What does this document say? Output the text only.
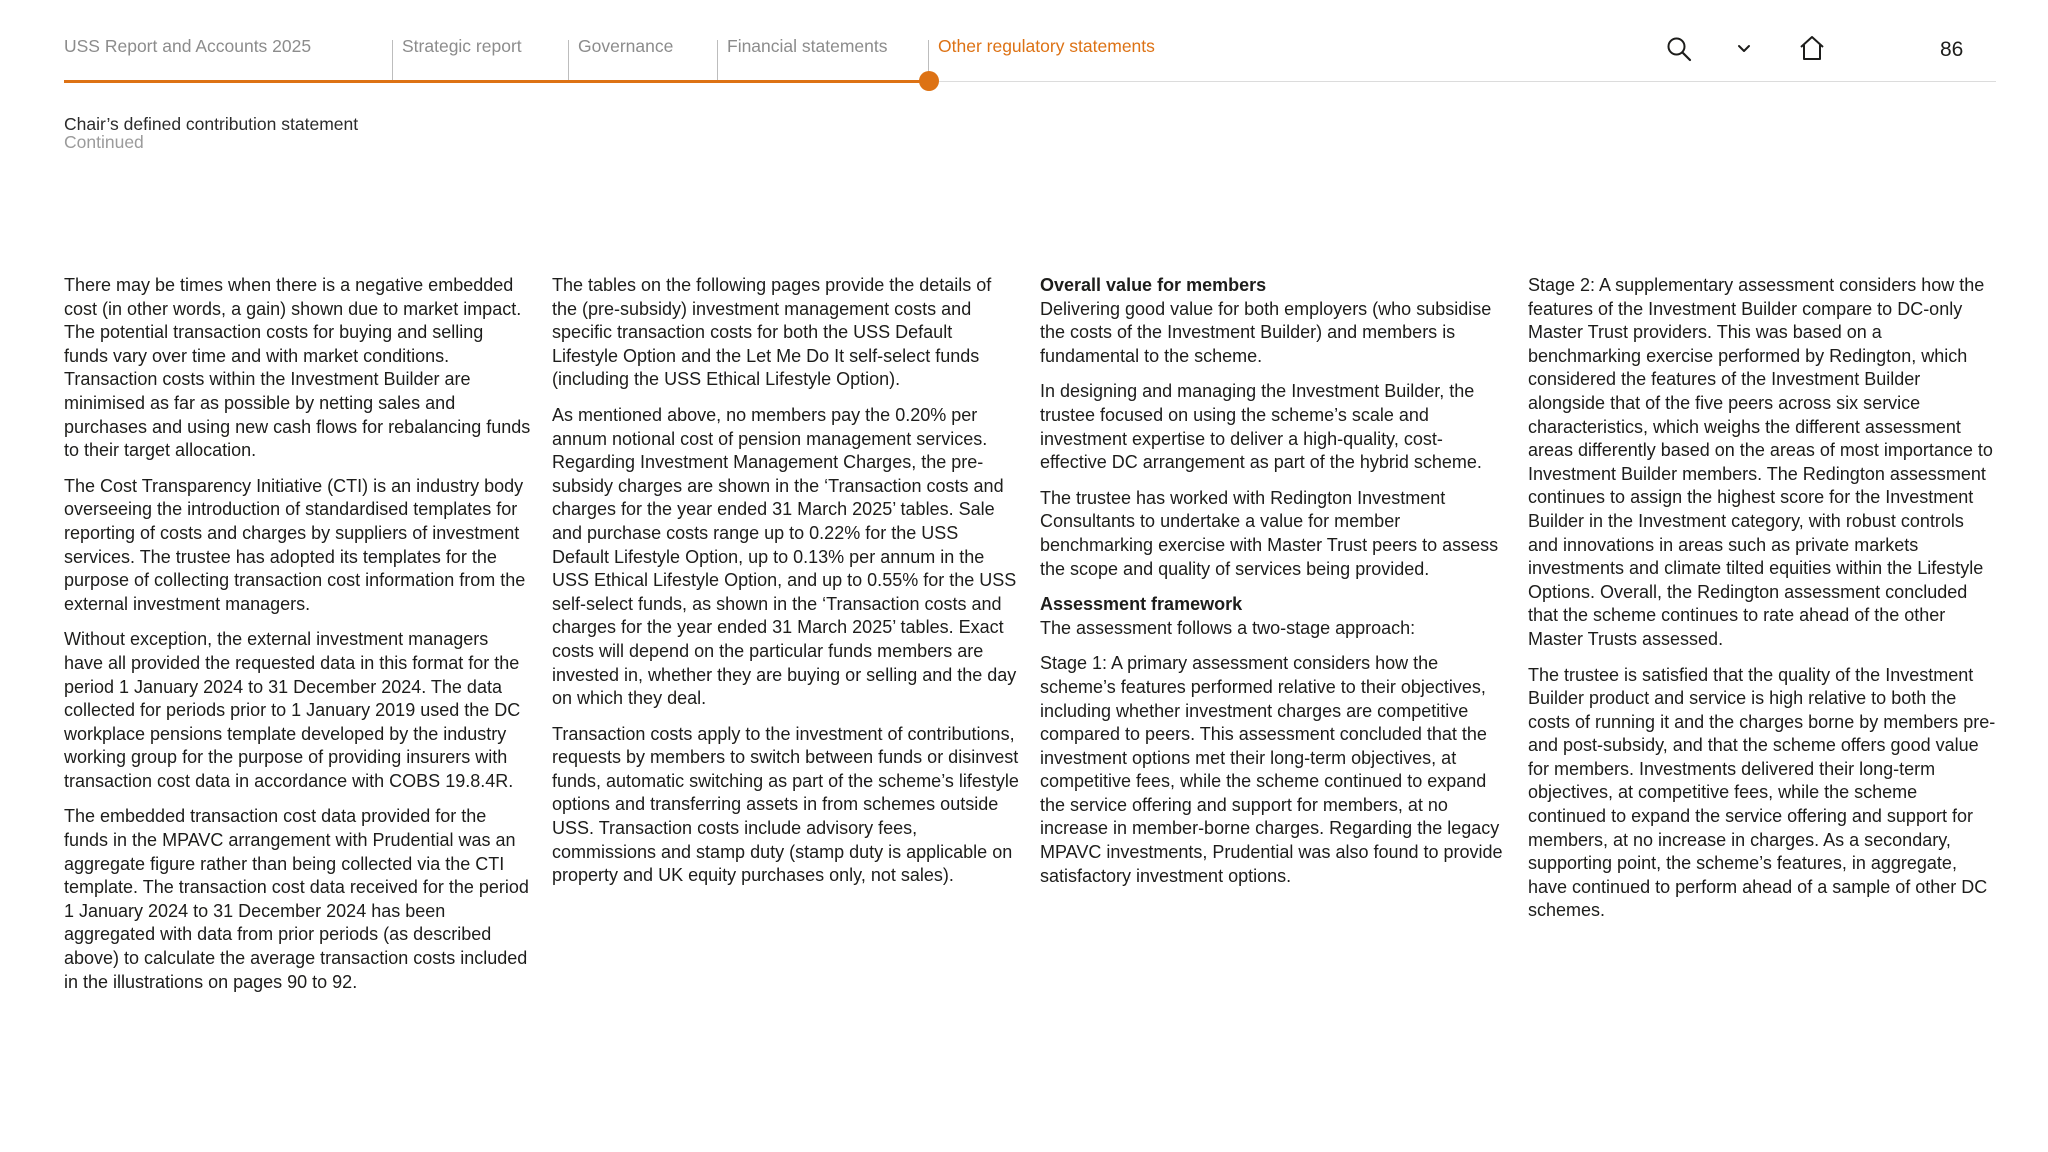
USS Report and Accounts 2025	Strategic report	Governance	Financial statements	Other regulatory statements	86
Chair’s defined contribution statement
Continued

There may be times when there is a negative embedded cost (in other words, a gain) shown due to market impact. The potential transaction costs for buying and selling funds vary over time and with market conditions. Transaction costs within the Investment Builder are minimised as far as possible by netting sales and purchases and using new cash flows for rebalancing funds to their target allocation.

The Cost Transparency Initiative (CTI) is an industry body overseeing the introduction of standardised templates for reporting of costs and charges by suppliers of investment services. The trustee has adopted its templates for the purpose of collecting transaction cost information from the external investment managers.

Without exception, the external investment managers have all provided the requested data in this format for the period 1 January 2024 to 31 December 2024. The data collected for periods prior to 1 January 2019 used the DC workplace pensions template developed by the industry working group for the purpose of providing insurers with transaction cost data in accordance with COBS 19.8.4R.

The embedded transaction cost data provided for the funds in the MPAVC arrangement with Prudential was an aggregate figure rather than being collected via the CTI template. The transaction cost data received for the period 1 January 2024 to 31 December 2024 has been aggregated with data from prior periods (as described above) to calculate the average transaction costs included in the illustrations on pages 90 to 92.

The tables on the following pages provide the details of the (pre-subsidy) investment management costs and specific transaction costs for both the USS Default Lifestyle Option and the Let Me Do It self-select funds (including the USS Ethical Lifestyle Option).

As mentioned above, no members pay the 0.20% per annum notional cost of pension management services. Regarding Investment Management Charges, the pre-subsidy charges are shown in the ‘Transaction costs and charges for the year ended 31 March 2025’ tables. Sale and purchase costs range up to 0.22% for the USS Default Lifestyle Option, up to 0.13% per annum in the USS Ethical Lifestyle Option, and up to 0.55% for the USS self-select funds, as shown in the ‘Transaction costs and charges for the year ended 31 March 2025’ tables. Exact costs will depend on the particular funds members are invested in, whether they are buying or selling and the day on which they deal.

Transaction costs apply to the investment of contributions, requests by members to switch between funds or disinvest funds, automatic switching as part of the scheme’s lifestyle options and transferring assets in from schemes outside USS. Transaction costs include advisory fees, commissions and stamp duty (stamp duty is applicable on property and UK equity purchases only, not sales).

Overall value for members

Delivering good value for both employers (who subsidise the costs of the Investment Builder) and members is fundamental to the scheme.

In designing and managing the Investment Builder, the trustee focused on using the scheme’s scale and investment expertise to deliver a high-quality, cost-effective DC arrangement as part of the hybrid scheme.

The trustee has worked with Redington Investment Consultants to undertake a value for member benchmarking exercise with Master Trust peers to assess the scope and quality of services being provided.

Assessment framework

The assessment follows a two-stage approach:

Stage 1: A primary assessment considers how the scheme’s features performed relative to their objectives, including whether investment charges are competitive compared to peers. This assessment concluded that the investment options met their long-term objectives, at competitive fees, while the scheme continued to expand the service offering and support for members, at no increase in member-borne charges. Regarding the legacy MPAVC investments, Prudential was also found to provide satisfactory investment options.

Stage 2: A supplementary assessment considers how the features of the Investment Builder compare to DC-only Master Trust providers. This was based on a benchmarking exercise performed by Redington, which considered the features of the Investment Builder alongside that of the five peers across six service characteristics, which weighs the different assessment areas differently based on the areas of most importance to Investment Builder members. The Redington assessment continues to assign the highest score for the Investment Builder in the Investment category, with robust controls and innovations in areas such as private markets investments and climate tilted equities within the Lifestyle Options. Overall, the Redington assessment concluded that the scheme continues to rate ahead of the other Master Trusts assessed.

The trustee is satisfied that the quality of the Investment Builder product and service is high relative to both the costs of running it and the charges borne by members pre- and post-subsidy, and that the scheme offers good value for members. Investments delivered their long-term objectives, at competitive fees, while the scheme continued to expand the service offering and support for members, at no increase in charges. As a secondary, supporting point, the scheme’s features, in aggregate, have continued to perform ahead of a sample of other DC schemes.
